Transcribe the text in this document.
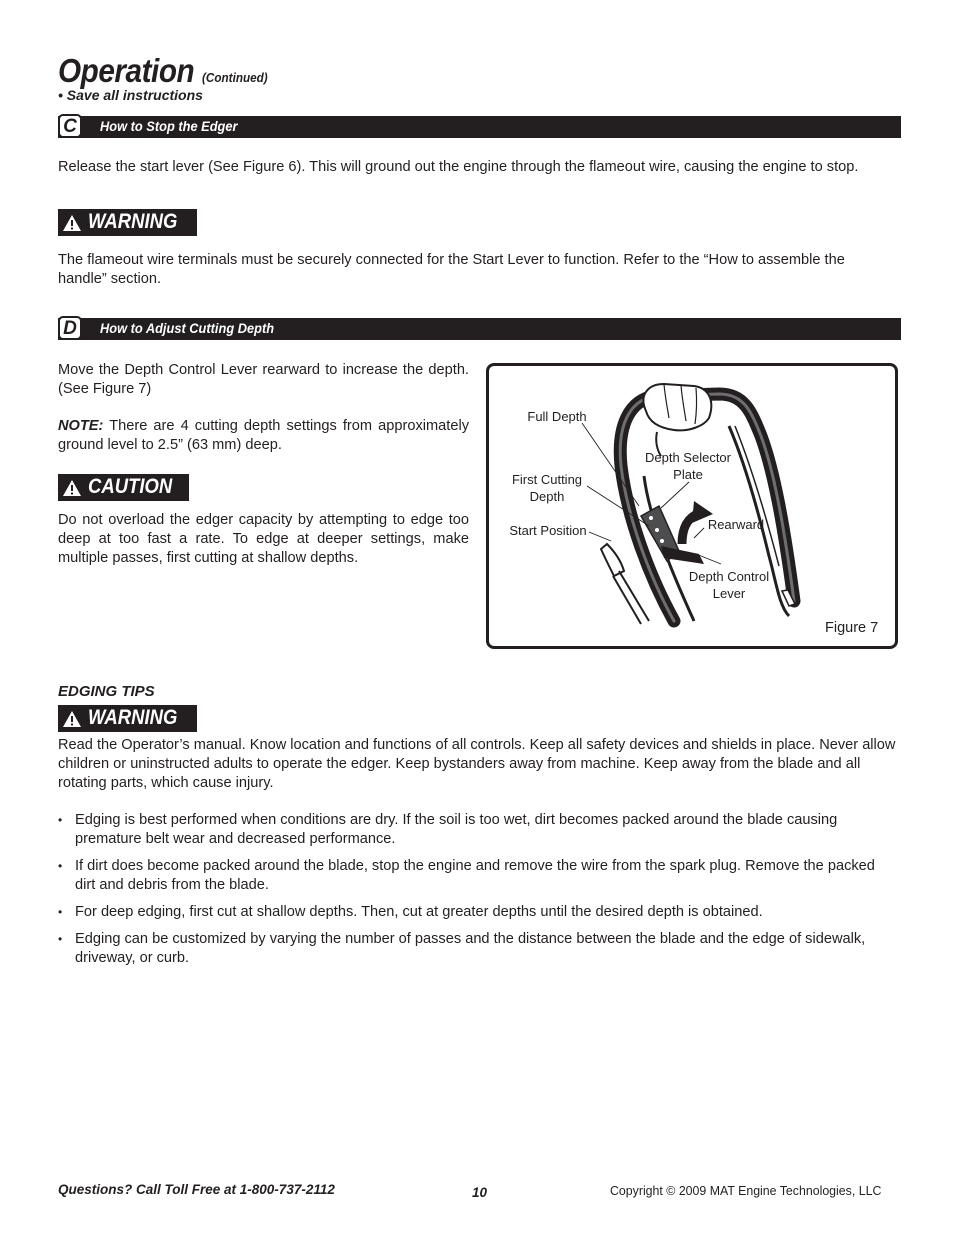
Operation (Continued)
• Save all instructions
C	How to Stop the Edger
Release the start lever (See Figure 6). This will ground out the engine through the flameout wire, causing the engine to stop.
WARNING
The flameout wire terminals must be securely connected for the Start Lever to function. Refer to the “How to assemble the handle” section.
D	How to Adjust Cutting Depth
Move the Depth Control Lever rearward to increase the depth. (See Figure 7)
NOTE: There are 4 cutting depth settings from approximately ground level to 2.5” (63 mm) deep.
CAUTION
Do not overload the edger capacity by attempting to edge too deep at too fast a rate. To edge at deeper settings, make multiple passes, first cutting at shallow depths.
Full Depth
Depth Selector Plate
First Cutting Depth
Rearward
Start Position
Depth Control Lever
Figure 7
EDGING TIPS
WARNING
Read the Operator’s manual. Know location and functions of all controls. Keep all safety devices and shields in place. Never allow children or uninstructed adults to operate the edger. Keep bystanders away from machine. Keep away from the blade and all rotating parts, which cause injury.
• Edging is best performed when conditions are dry. If the soil is too wet, dirt becomes packed around the blade causing premature belt wear and decreased performance.
• If dirt does become packed around the blade, stop the engine and remove the wire from the spark plug. Remove the packed dirt and debris from the blade.
• For deep edging, first cut at shallow depths. Then, cut at greater depths until the desired depth is obtained.
• Edging can be customized by varying the number of passes and the distance between the blade and the edge of sidewalk, driveway, or curb.
Questions? Call Toll Free at 1-800-737-2112	10	Copyright © 2009 MAT Engine Technologies, LLC
